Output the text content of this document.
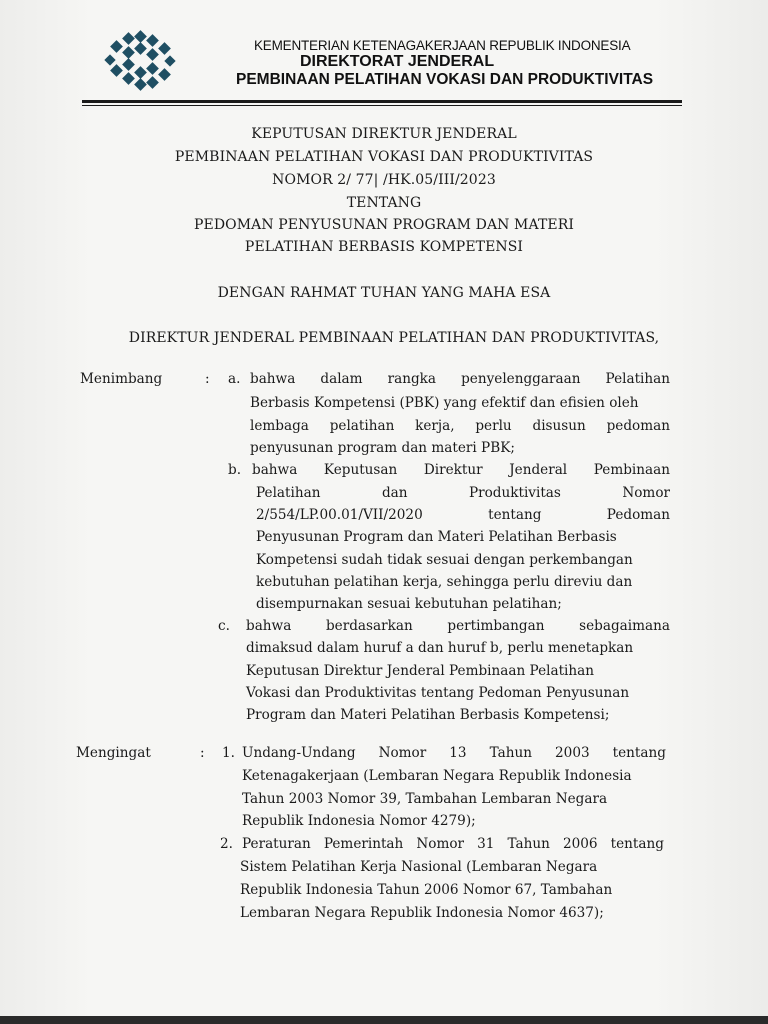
KEMENTERIAN KETENAGAKERJAAN REPUBLIK INDONESIA
DIREKTORAT JENDERAL
PEMBINAAN PELATIHAN VOKASI DAN PRODUKTIVITAS
KEPUTUSAN DIREKTUR JENDERAL
PEMBINAAN PELATIHAN VOKASI DAN PRODUKTIVITAS
NOMOR 2/ 77| /HK.05/III/2023
TENTANG
PEDOMAN PENYUSUNAN PROGRAM DAN MATERI
PELATIHAN BERBASIS KOMPETENSI
DENGAN RAHMAT TUHAN YANG MAHA ESA
DIREKTUR JENDERAL PEMBINAAN PELATIHAN DAN PRODUKTIVITAS,
Menimbang	: a. bahwa dalam rangka penyelenggaraan Pelatihan
Berbasis Kompetensi (PBK) yang efektif dan efisien oleh
lembaga pelatihan kerja, perlu disusun pedoman
penyusunan program dan materi PBK;
b. bahwa Keputusan Direktur Jenderal Pembinaan
Pelatihan	dan	Produktivitas	Nomor
2/554/LP.00.01/VII/2020	tentang	Pedoman
Penyusunan Program dan Materi Pelatihan Berbasis
Kompetensi sudah tidak sesuai dengan perkembangan
kebutuhan pelatihan kerja, sehingga perlu direviu dan
disempurnakan sesuai kebutuhan pelatihan;
c. bahwa	berdasarkan	pertimbangan	sebagaimana
dimaksud dalam huruf a dan huruf b, perlu menetapkan
Keputusan Direktur Jenderal Pembinaan Pelatihan
Vokasi dan Produktivitas tentang Pedoman Penyusunan
Program dan Materi Pelatihan Berbasis Kompetensi;
Mengingat	: 1. Undang-Undang Nomor 13 Tahun 2003 tentang
Ketenagakerjaan (Lembaran Negara Republik Indonesia
Tahun 2003 Nomor 39, Tambahan Lembaran Negara
Republik Indonesia Nomor 4279);
2. Peraturan Pemerintah Nomor 31 Tahun 2006 tentang
Sistem Pelatihan Kerja Nasional (Lembaran Negara
Republik Indonesia Tahun 2006 Nomor 67, Tambahan
Lembaran Negara Republik Indonesia Nomor 4637);
